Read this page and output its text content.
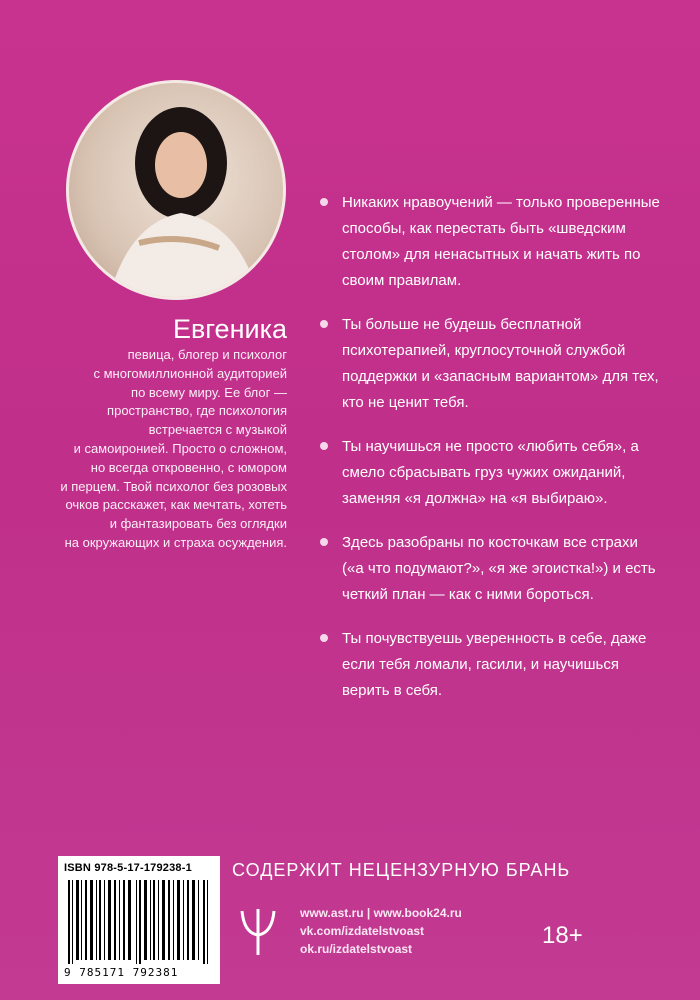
Евгеника
певица, блогер и психолог
с многомиллионной аудиторией
по всему миру. Ее блог —
пространство, где психология
встречается с музыкой
и самоиронией. Просто о сложном,
но всегда откровенно, с юмором
и перцем. Твой психолог без розовых
очков расскажет, как мечтать, хотеть
и фантазировать без оглядки
на окружающих и страха осуждения.
Никаких нравоучений — только проверенные способы, как перестать быть «шведским столом» для ненасытных и начать жить по своим правилам.
Ты больше не будешь бесплатной психотерапией, круглосуточной службой поддержки и «запасным вариантом» для тех, кто не ценит тебя.
Ты научишься не просто «любить себя», а смело сбрасывать груз чужих ожиданий, заменяя «я должна» на «я выбираю».
Здесь разобраны по косточкам все страхи («а что подумают?», «я же эгоистка!») и есть четкий план — как с ними бороться.
Ты почувствуешь уверенность в себе, даже если тебя ломали, гасили, и научишься верить в себя.
ISBN 978-5-17-179238-1
9 785171 792381
СОДЕРЖИТ НЕЦЕНЗУРНУЮ БРАНЬ
www.ast.ru | www.book24.ru
vk.com/izdatelstvoast
ok.ru/izdatelstvoast	18+
